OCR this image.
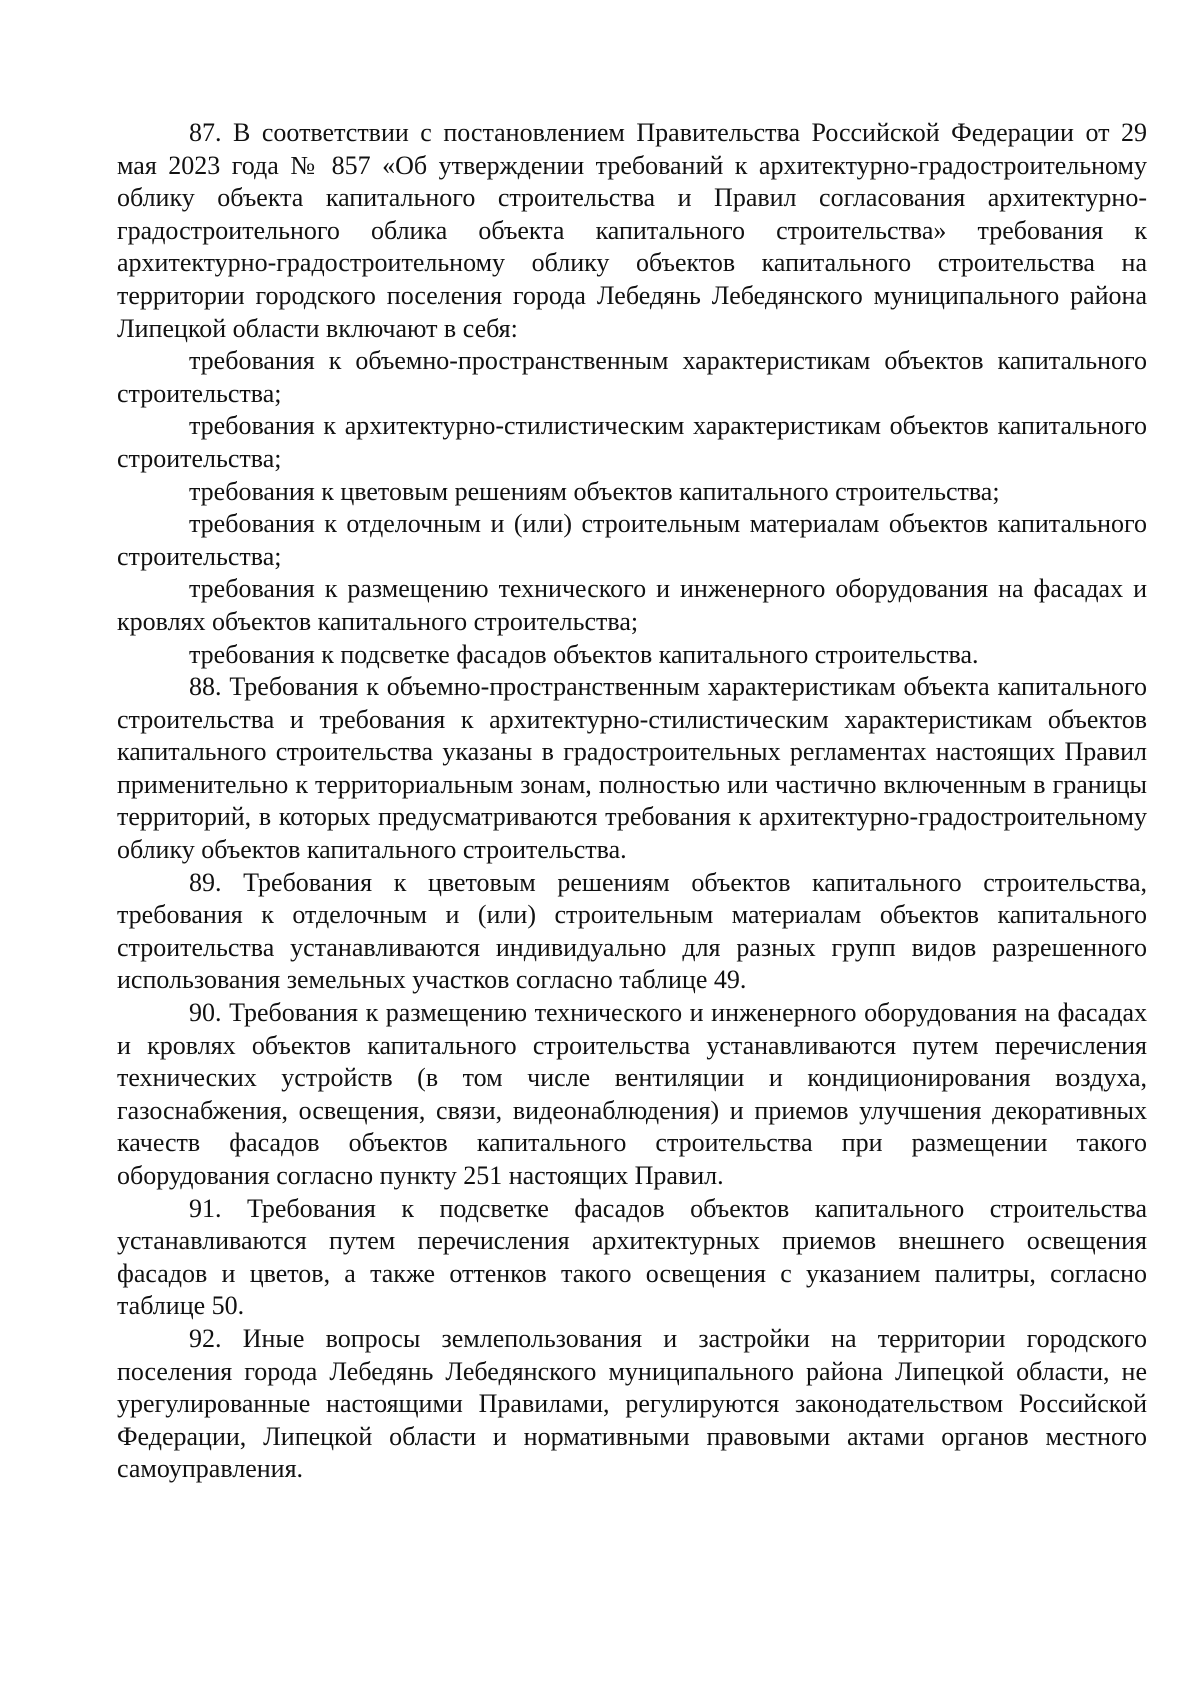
87. В соответствии с постановлением Правительства Российской Федерации от 29 мая 2023 года № 857 «Об утверждении требований к архитектурно-градостроительному облику объекта капитального строительства и Правил согласования архитектурно-градостроительного облика объекта капитального строительства» требования к архитектурно-градостроительному облику объектов капитального строительства на территории городского поселения города Лебедянь Лебедянского муниципального района Липецкой области включают в себя:

требования к объемно-пространственным характеристикам объектов капитального строительства;

требования к архитектурно-стилистическим характеристикам объектов капитального строительства;

требования к цветовым решениям объектов капитального строительства;

требования к отделочным и (или) строительным материалам объектов капитального строительства;

требования к размещению технического и инженерного оборудования на фасадах и кровлях объектов капитального строительства;

требования к подсветке фасадов объектов капитального строительства.

88. Требования к объемно-пространственным характеристикам объекта капитального строительства и требования к архитектурно-стилистическим характеристикам объектов капитального строительства указаны в градостроительных регламентах настоящих Правил применительно к территориальным зонам, полностью или частично включенным в границы территорий, в которых предусматриваются требования к архитектурно-градостроительному облику объектов капитального строительства.

89. Требования к цветовым решениям объектов капитального строительства, требования к отделочным и (или) строительным материалам объектов капитального строительства устанавливаются индивидуально для разных групп видов разрешенного использования земельных участков согласно таблице 49.

90. Требования к размещению технического и инженерного оборудования на фасадах и кровлях объектов капитального строительства устанавливаются путем перечисления технических устройств (в том числе вентиляции и кондиционирования воздуха, газоснабжения, освещения, связи, видеонаблюдения) и приемов улучшения декоративных качеств фасадов объектов капитального строительства при размещении такого оборудования согласно пункту 251 настоящих Правил.

91. Требования к подсветке фасадов объектов капитального строительства устанавливаются путем перечисления архитектурных приемов внешнего освещения фасадов и цветов, а также оттенков такого освещения с указанием палитры, согласно таблице 50.

92. Иные вопросы землепользования и застройки на территории городского поселения города Лебедянь Лебедянского муниципального района Липецкой области, не урегулированные настоящими Правилами, регулируются законодательством Российской Федерации, Липецкой области и нормативными правовыми актами органов местного самоуправления.
